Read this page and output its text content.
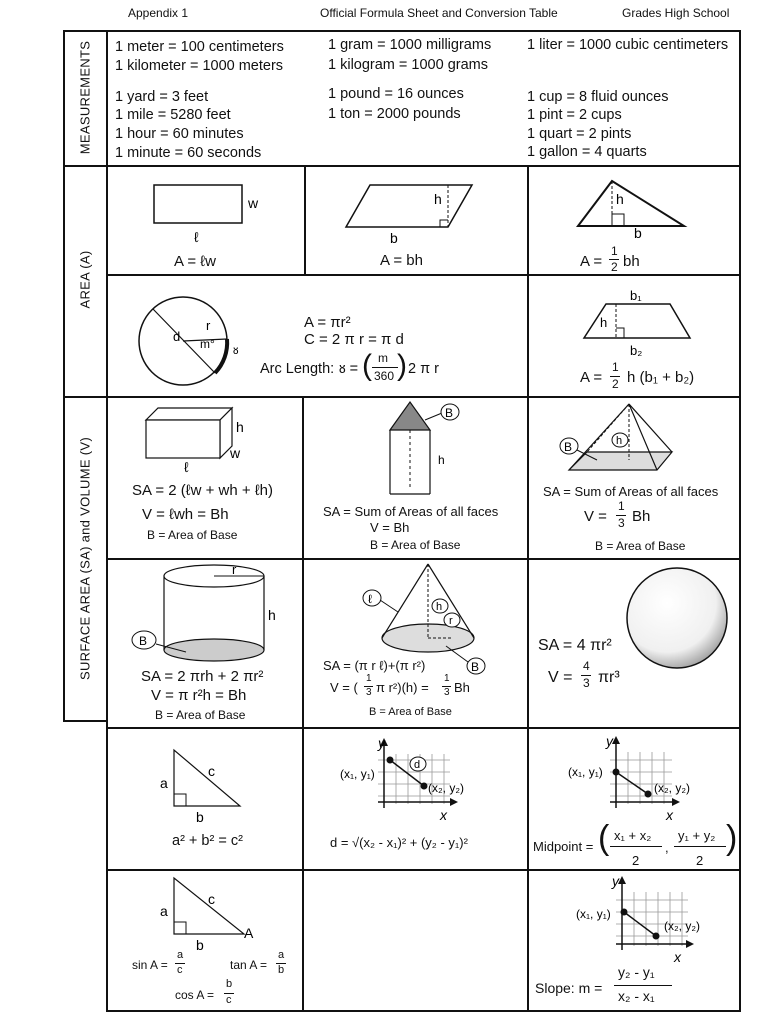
Appendix 1	Official Formula Sheet and Conversion Table	Grades High School
MEASUREMENTS
AREA (A)
SURFACE AREA (SA) and VOLUME (V)
1 meter = 100 centimeters
1 kilometer = 1000 meters
1 yard = 3 feet
1 mile = 5280 feet
1 hour = 60 minutes
1 minute = 60 seconds
1 gram = 1000 milligrams
1 kilogram = 1000 grams
1 pound = 16 ounces
1 ton = 2000 pounds
1 liter = 1000 cubic centimeters
1 cup = 8 fluid ounces
1 pint = 2 cups
1 quart = 2 pints
1 gallon = 4 quarts
w
ℓ
A = ℓw
h
b
A = bh
h
b
A =
1
2 bh
d
r
m° ᴕ
A = πr²
C = 2 π r = π d
Arc Length: ᴕ = ( m
360 ) 2 π r
b₁
h
b₂
A =
1
2 h (b₁ + b₂)
h
w
ℓ
SA = 2 (ℓw + wh + ℓh)
V = ℓwh = Bh
B = Area of Base
B
h
SA = Sum of Areas of all faces
V = Bh
B = Area of Base
h
B
SA = Sum of Areas of all faces
V =
1
3 Bh
B = Area of Base
r
h
B
SA = 2 πrh + 2 πr²
V = π r²h = Bh
B = Area of Base
ℓ
h
r
B
SA = (π r ℓ)+(π r²)
V = (
1
3 π r²)(h) =
1
3 Bh
B = Area of Base
SA = 4 πr²
V =
4
3 πr³
a
c
b
a² + b² = c²
d
y
x
(x₁, y₁)
(x₂, y₂)
d = √(x₂ - x₁)² + (y₂ - y₁)²
y
x
(x₁, y₁)
(x₂, y₂)
Midpoint = ( x₁ + x₂
2
,
y₁ + y₂
2
)
a
c
b
A
sin A =
a
c	tan A =
a
b
cos A =
b
c
y
x
(x₁, y₁)
(x₂, y₂)
Slope: m =
y₂ - y₁
x₂ - x₁
